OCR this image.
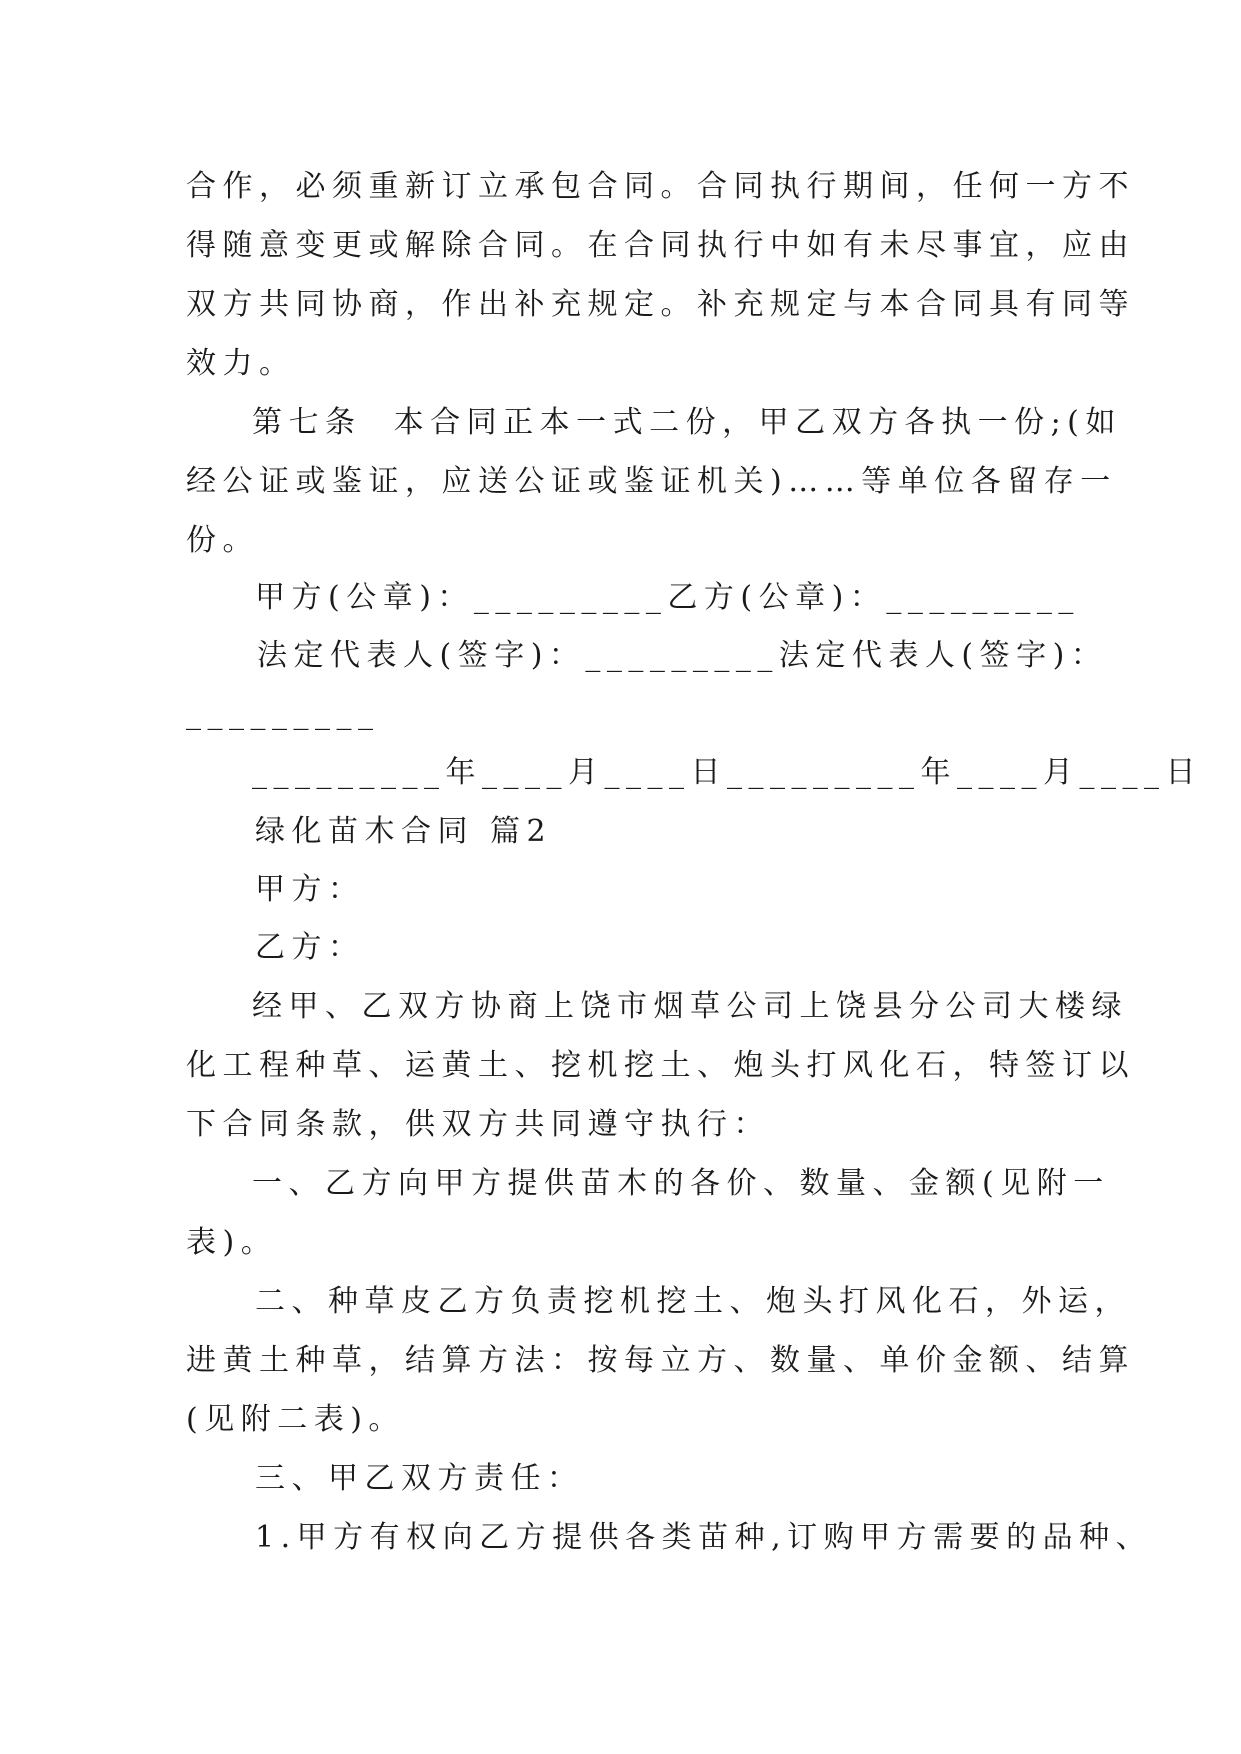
合作，必须重新订立承包合同。合同执行期间，任何一方不
得随意变更或解除合同。在合同执行中如有未尽事宜，应由
双方共同协商，作出补充规定。补充规定与本合同具有同等
效力。
第七条  本合同正本一式二份，甲乙双方各执一份;(如
经公证或鉴证，应送公证或鉴证机关)……等单位各留存一
份。
甲方(公章)：_________乙方(公章)：_________
法定代表人(签字)：_________法定代表人(签字)：
_________
_________年____月____日_________年____月____日
绿化苗木合同 篇2
甲方：
乙方：
经甲、乙双方协商上饶市烟草公司上饶县分公司大楼绿
化工程种草、运黄土、挖机挖土、炮头打风化石，特签订以
下合同条款，供双方共同遵守执行：
一、乙方向甲方提供苗木的各价、数量、金额(见附一
表)。
二、种草皮乙方负责挖机挖土、炮头打风化石，外运，
进黄土种草，结算方法：按每立方、数量、单价金额、结算
(见附二表)。
三、甲乙双方责任：
1.甲方有权向乙方提供各类苗种,订购甲方需要的品种、
